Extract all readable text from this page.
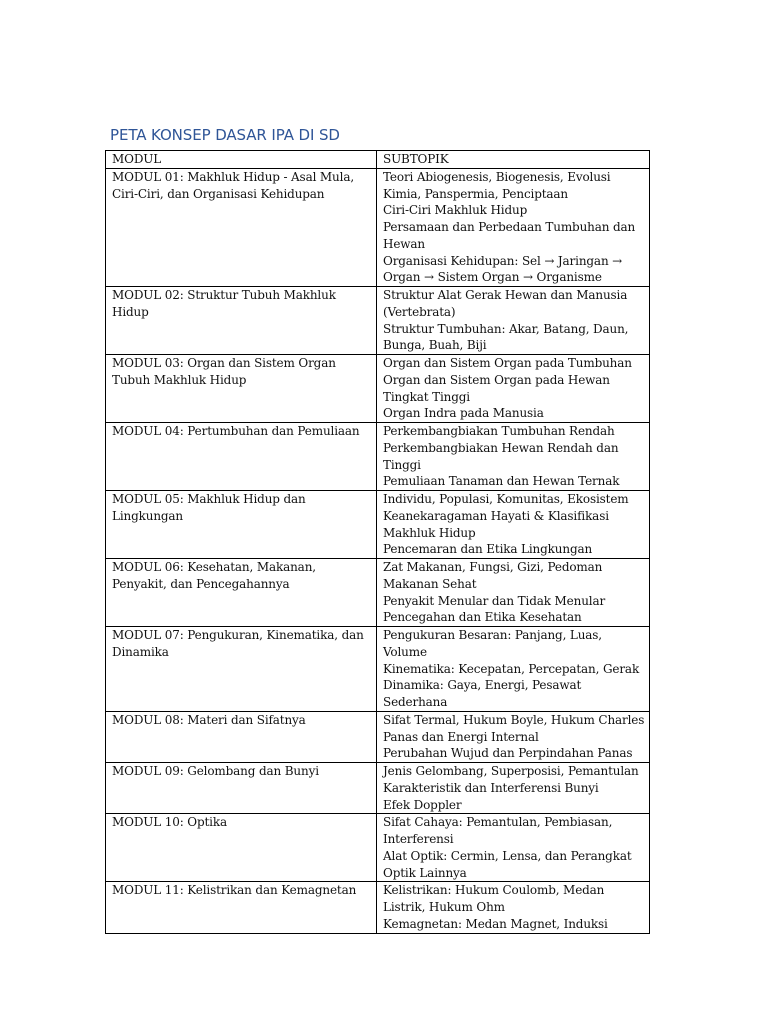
PETA KONSEP DASAR IPA DI SD
MODUL	SUBTOPIK
MODUL 01: Makhluk Hidup - Asal Mula, Ciri-Ciri, dan Organisasi Kehidupan	Teori Abiogenesis, Biogenesis, Evolusi Kimia, Panspermia, Penciptaan
Ciri-Ciri Makhluk Hidup
Persamaan dan Perbedaan Tumbuhan dan Hewan
Organisasi Kehidupan: Sel → Jaringan → Organ → Sistem Organ → Organisme

MODUL 02: Struktur Tubuh Makhluk Hidup	Struktur Alat Gerak Hewan dan Manusia (Vertebrata)
Struktur Tumbuhan: Akar, Batang, Daun, Bunga, Buah, Biji

MODUL 03: Organ dan Sistem Organ Tubuh Makhluk Hidup	Organ dan Sistem Organ pada Tumbuhan
Organ dan Sistem Organ pada Hewan Tingkat Tinggi
Organ Indra pada Manusia

MODUL 04: Pertumbuhan dan Pemuliaan	Perkembangbiakan Tumbuhan Rendah
Perkembangbiakan Hewan Rendah dan Tinggi
Pemuliaan Tanaman dan Hewan Ternak

MODUL 05: Makhluk Hidup dan Lingkungan	Individu, Populasi, Komunitas, Ekosistem
Keanekaragaman Hayati & Klasifikasi Makhluk Hidup
Pencemaran dan Etika Lingkungan

MODUL 06: Kesehatan, Makanan, Penyakit, dan Pencegahannya	Zat Makanan, Fungsi, Gizi, Pedoman Makanan Sehat
Penyakit Menular dan Tidak Menular
Pencegahan dan Etika Kesehatan

MODUL 07: Pengukuran, Kinematika, dan Dinamika	Pengukuran Besaran: Panjang, Luas, Volume
Kinematika: Kecepatan, Percepatan, Gerak
Dinamika: Gaya, Energi, Pesawat Sederhana

MODUL 08: Materi dan Sifatnya	Sifat Termal, Hukum Boyle, Hukum Charles
Panas dan Energi Internal
Perubahan Wujud dan Perpindahan Panas

MODUL 09: Gelombang dan Bunyi	Jenis Gelombang, Superposisi, Pemantulan
Karakteristik dan Interferensi Bunyi
Efek Doppler

MODUL 10: Optika	Sifat Cahaya: Pemantulan, Pembiasan, Interferensi
Alat Optik: Cermin, Lensa, dan Perangkat Optik Lainnya

MODUL 11: Kelistrikan dan Kemagnetan	Kelistrikan: Hukum Coulomb, Medan Listrik, Hukum Ohm
Kemagnetan: Medan Magnet, Induksi
